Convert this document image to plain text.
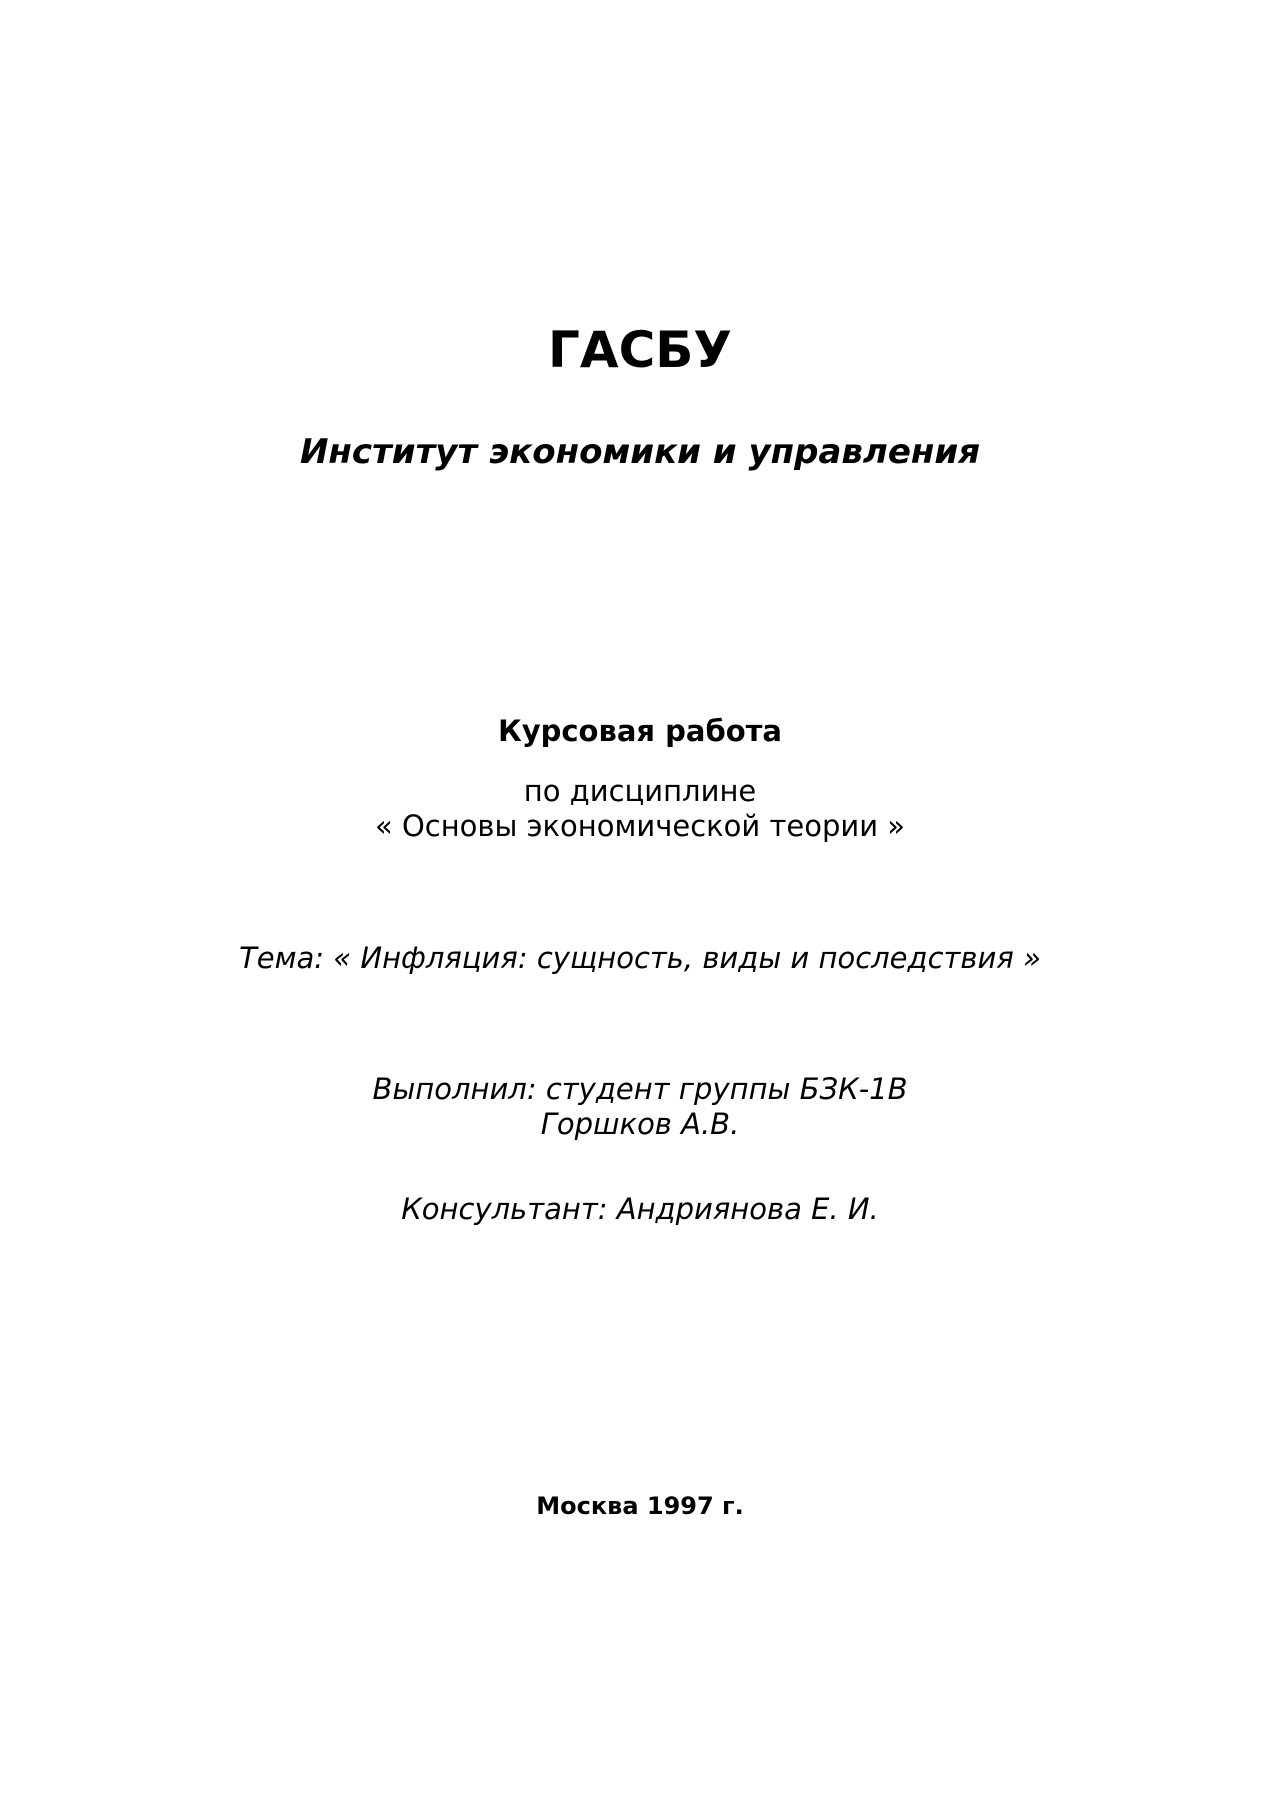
ГАСБУ
Институт экономики и управления
Курсовая работа
по дисциплине
« Основы экономической теории »
Тема: « Инфляция: сущность, виды и последствия »
Выполнил: студент группы БЗК-1В
Горшков А.В.
Консультант: Андриянова Е. И.
Москва 1997 г.
